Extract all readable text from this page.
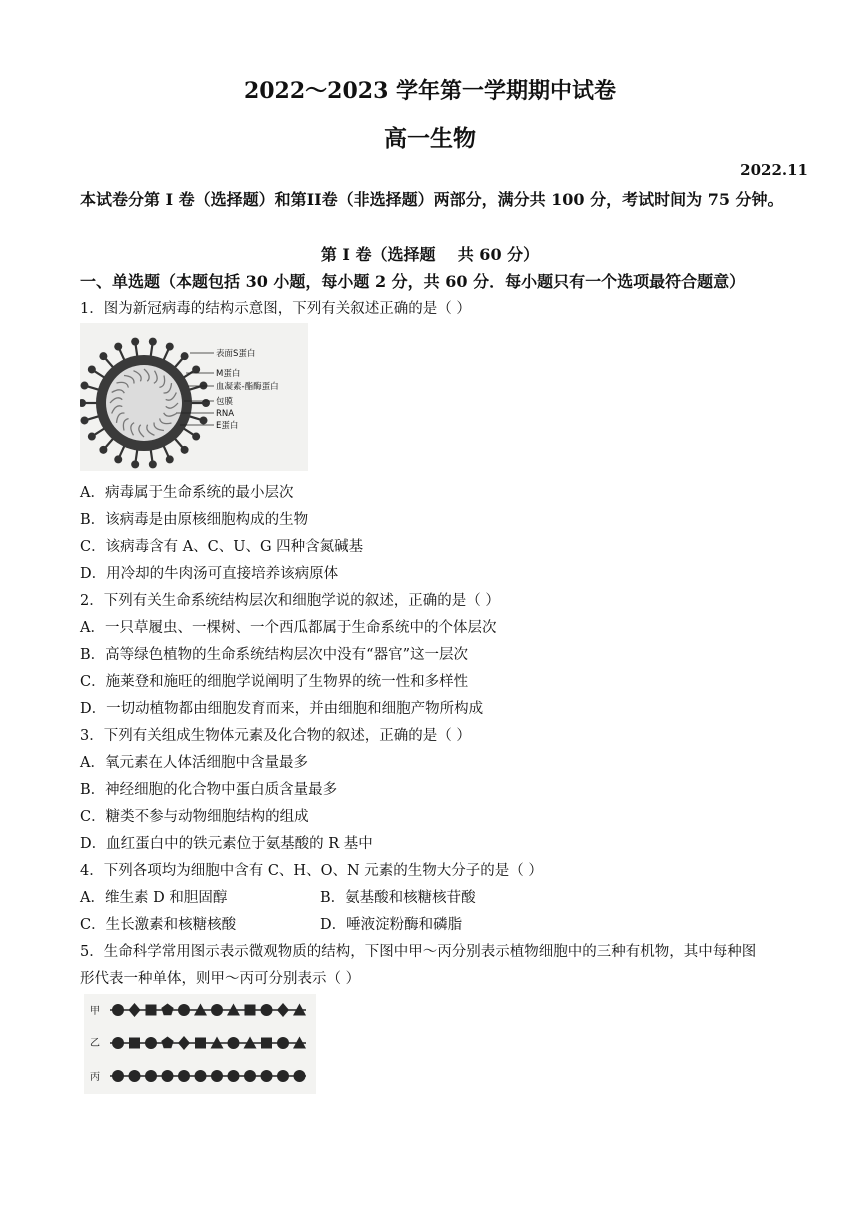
2022～2023 学年第一学期期中试卷
高一生物
2022.11
本试卷分第 I 卷（选择题）和第II卷（非选择题）两部分，满分共 100 分，考试时间为 75 分钟。
第 I 卷（选择题    共 60 分）
一、单选题（本题包括 30 小题，每小题 2 分，共 60 分．每小题只有一个选项最符合题意）
1．图为新冠病毒的结构示意图，下列有关叙述正确的是（ ）
表面S蛋白
M蛋白
血凝素-酯酶蛋白
包膜
RNA
E蛋白
A．病毒属于生命系统的最小层次
B．该病毒是由原核细胞构成的生物
C．该病毒含有 A、C、U、G 四种含氮碱基
D．用冷却的牛肉汤可直接培养该病原体
2．下列有关生命系统结构层次和细胞学说的叙述，正确的是（ ）
A．一只草履虫、一棵树、一个西瓜都属于生命系统中的个体层次
B．高等绿色植物的生命系统结构层次中没有“器官”这一层次
C．施莱登和施旺的细胞学说阐明了生物界的统一性和多样性
D．一切动植物都由细胞发育而来，并由细胞和细胞产物所构成
3．下列有关组成生物体元素及化合物的叙述，正确的是（ ）
A．氧元素在人体活细胞中含量最多
B．神经细胞的化合物中蛋白质含量最多
C．糖类不参与动物细胞结构的组成
D．血红蛋白中的铁元素位于氨基酸的 R 基中
4．下列各项均为细胞中含有 C、H、O、N 元素的生物大分子的是（ ）
A．维生素 D 和胆固醇	B．氨基酸和核糖核苷酸
C．生长激素和核糖核酸	D．唾液淀粉酶和磷脂
5．生命科学常用图示表示微观物质的结构，下图中甲～丙分别表示植物细胞中的三种有机物，其中每种图
形代表一种单体，则甲～丙可分别表示（ ）
甲
乙
丙
